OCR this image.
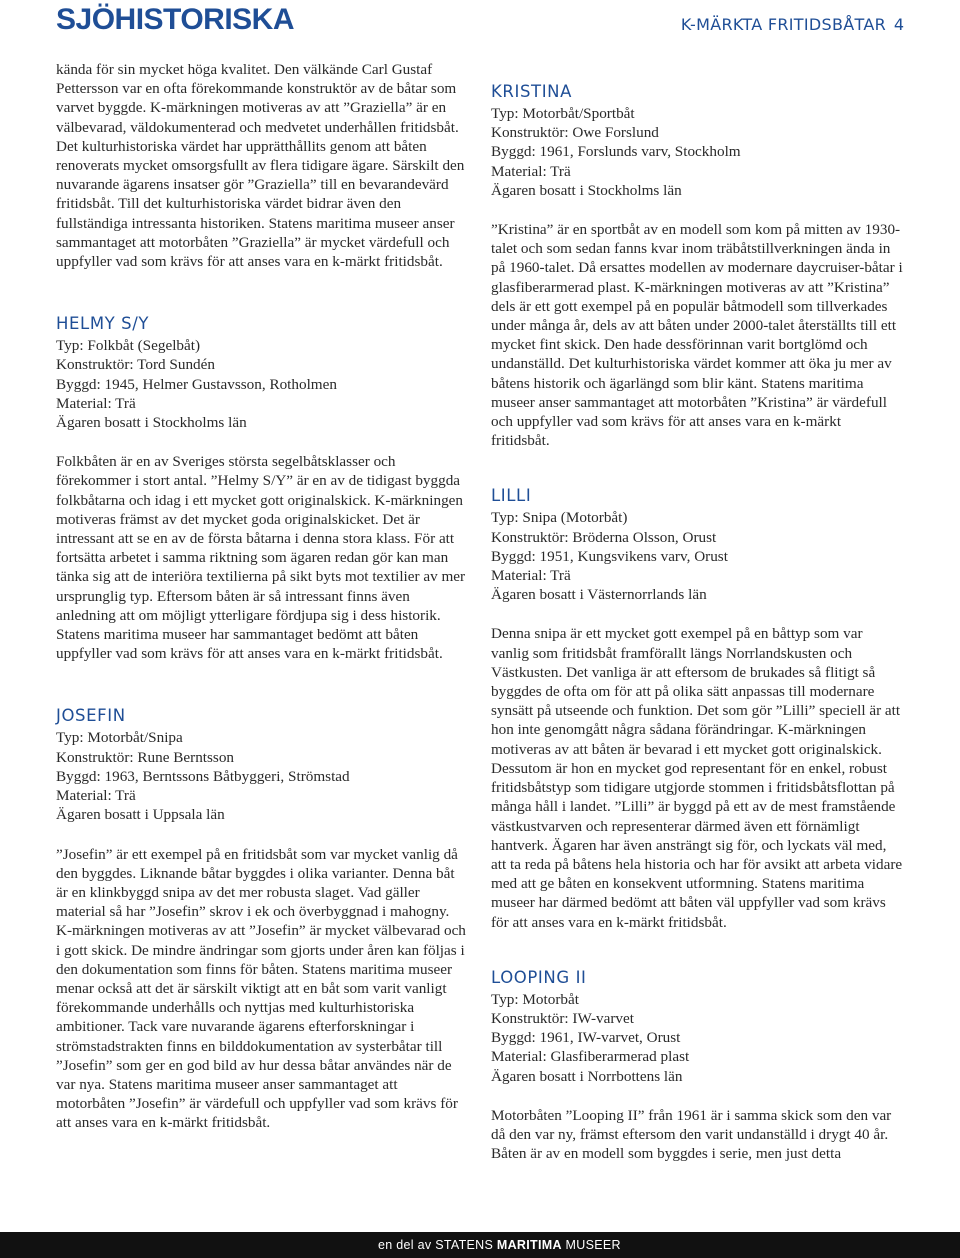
SJÖHISTORISKA	K-MÄRKTA FRITIDSBÅTAR 4

kända för sin mycket höga kvalitet. Den välkände Carl Gustaf Pettersson var en ofta förekommande konstruktör av de båtar som varvet byggde. K-märkningen motiveras av att ”Graziella” är en välbevarad, väldokumenterad och medvetet underhållen fritidsbåt. Det kulturhistoriska värdet har upprätthållits genom att båten renoverats mycket omsorgsfullt av flera tidigare ägare. Särskilt den nuvarande ägarens insatser gör ”Graziella” till en bevarandevärd fritidsbåt. Till det kulturhistoriska värdet bidrar även den fullständiga intressanta historiken. Statens maritima museer anser sammantaget att motorbåten ”Graziella” är mycket värdefull och uppfyller vad som krävs för att anses vara en k-märkt fritidsbåt.

HELMY S/Y
Typ: Folkbåt (Segelbåt)
Konstruktör: Tord Sundén
Byggd: 1945, Helmer Gustavsson, Rotholmen
Material: Trä
Ägaren bosatt i Stockholms län

Folkbåten är en av Sveriges största segelbåtsklasser och förekommer i stort antal. ”Helmy S/Y” är en av de tidigast byggda folkbåtarna och idag i ett mycket gott originalskick. K-märkningen motiveras främst av det mycket goda originalskicket. Det är intressant att se en av de första båtarna i denna stora klass. För att fortsätta arbetet i samma riktning som ägaren redan gör kan man tänka sig att de interiöra textilierna på sikt byts mot textilier av mer ursprunglig typ. Eftersom båten är så intressant finns även anledning att om möjligt ytterligare fördjupa sig i dess historik. Statens maritima museer har sammantaget bedömt att båten uppfyller vad som krävs för att anses vara en k-märkt fritidsbåt.

JOSEFIN
Typ: Motorbåt/Snipa
Konstruktör: Rune Berntsson
Byggd: 1963, Berntssons Båtbyggeri, Strömstad
Material: Trä
Ägaren bosatt i Uppsala län

”Josefin” är ett exempel på en fritidsbåt som var mycket vanlig då den byggdes. Liknande båtar byggdes i olika varianter. Denna båt är en klinkbyggd snipa av det mer robusta slaget. Vad gäller material så har ”Josefin” skrov i ek och överbyggnad i mahogny. K-märkningen motiveras av att ”Josefin” är mycket välbevarad och i gott skick. De mindre ändringar som gjorts under åren kan följas i den dokumentation som finns för båten. Statens maritima museer menar också att det är särskilt viktigt att en båt som varit vanligt förekommande underhålls och nyttjas med kulturhistoriska ambitioner. Tack vare nuvarande ägarens efterforskningar i strömstadstrakten finns en bilddokumentation av systerbåtar till ”Josefin” som ger en god bild av hur dessa båtar användes när de var nya. Statens maritima museer anser sammantaget att motorbåten ”Josefin” är värdefull och uppfyller vad som krävs för att anses vara en k-märkt fritidsbåt.

KRISTINA
Typ: Motorbåt/Sportbåt
Konstruktör: Owe Forslund
Byggd: 1961, Forslunds varv, Stockholm
Material: Trä
Ägaren bosatt i Stockholms län

”Kristina” är en sportbåt av en modell som kom på mitten av 1930-talet och som sedan fanns kvar inom träbåtstillverkningen ända in på 1960-talet. Då ersattes modellen av modernare daycruiser-båtar i glasfiberarmerad plast. K-märkningen motiveras av att ”Kristina” dels är ett gott exempel på en populär båtmodell som tillverkades under många år, dels av att båten under 2000-talet återställts till ett mycket fint skick. Den hade dessförinnan varit bortglömd och undanställd. Det kulturhistoriska värdet kommer att öka ju mer av båtens historik och ägarlängd som blir känt. Statens maritima museer anser sammantaget att motorbåten ”Kristina” är värdefull och uppfyller vad som krävs för att anses vara en k-märkt fritidsbåt.

LILLI
Typ: Snipa (Motorbåt)
Konstruktör: Bröderna Olsson, Orust
Byggd: 1951, Kungsvikens varv, Orust
Material: Trä
Ägaren bosatt i Västernorrlands län

Denna snipa är ett mycket gott exempel på en båttyp som var vanlig som fritidsbåt framförallt längs Norrlandskusten och Västkusten. Det vanliga är att eftersom de brukades så flitigt så byggdes de ofta om för att på olika sätt anpassas till modernare synsätt på utseende och funktion. Det som gör ”Lilli” speciell är att hon inte genomgått några sådana förändringar. K-märkningen motiveras av att båten är bevarad i ett mycket gott originalskick. Dessutom är hon en mycket god representant för en enkel, robust fritidsbåtstyp som tidigare utgjorde stommen i fritidsbåtsflottan på många håll i landet. ”Lilli” är byggd på ett av de mest framstående västkustvarven och representerar därmed även ett förnämligt hantverk. Ägaren har även ansträngt sig för, och lyckats väl med, att ta reda på båtens hela historia och har för avsikt att arbeta vidare med att ge båten en konsekvent utformning. Statens maritima museer har därmed bedömt att båten väl uppfyller vad som krävs för att anses vara en k-märkt fritidsbåt.

LOOPING II
Typ: Motorbåt
Konstruktör: IW-varvet
Byggd: 1961, IW-varvet, Orust
Material: Glasfiberarmerad plast
Ägaren bosatt i Norrbottens län

Motorbåten ”Looping II” från 1961 är i samma skick som den var då den var ny, främst eftersom den varit undanställd i drygt 40 år. Båten är av en modell som byggdes i serie, men just detta

en del av STATENS MARITIMA MUSEER
